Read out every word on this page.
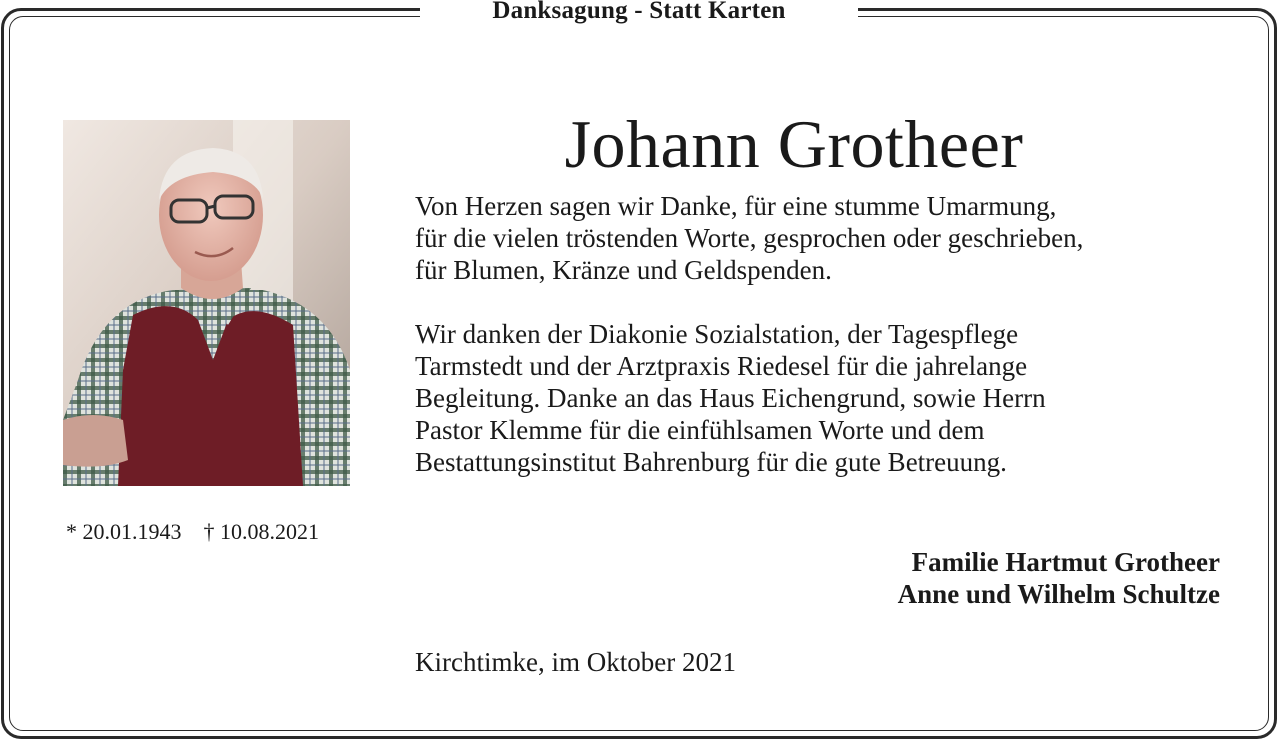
Danksagung - Statt Karten
Johann Grotheer
* 20.01.1943 † 10.08.2021

Von Herzen sagen wir Danke, für eine stumme Umarmung,
für die vielen tröstenden Worte, gesprochen oder geschrieben,
für Blumen, Kränze und Geldspenden.

Wir danken der Diakonie Sozialstation, der Tagespflege
Tarmstedt und der Arztpraxis Riedesel für die jahrelange
Begleitung. Danke an das Haus Eichengrund, sowie Herrn
Pastor Klemme für die einfühlsamen Worte und dem
Bestattungsinstitut Bahrenburg für die gute Betreuung.

Familie Hartmut Grotheer
Anne und Wilhelm Schultze
Kirchtimke, im Oktober 2021
